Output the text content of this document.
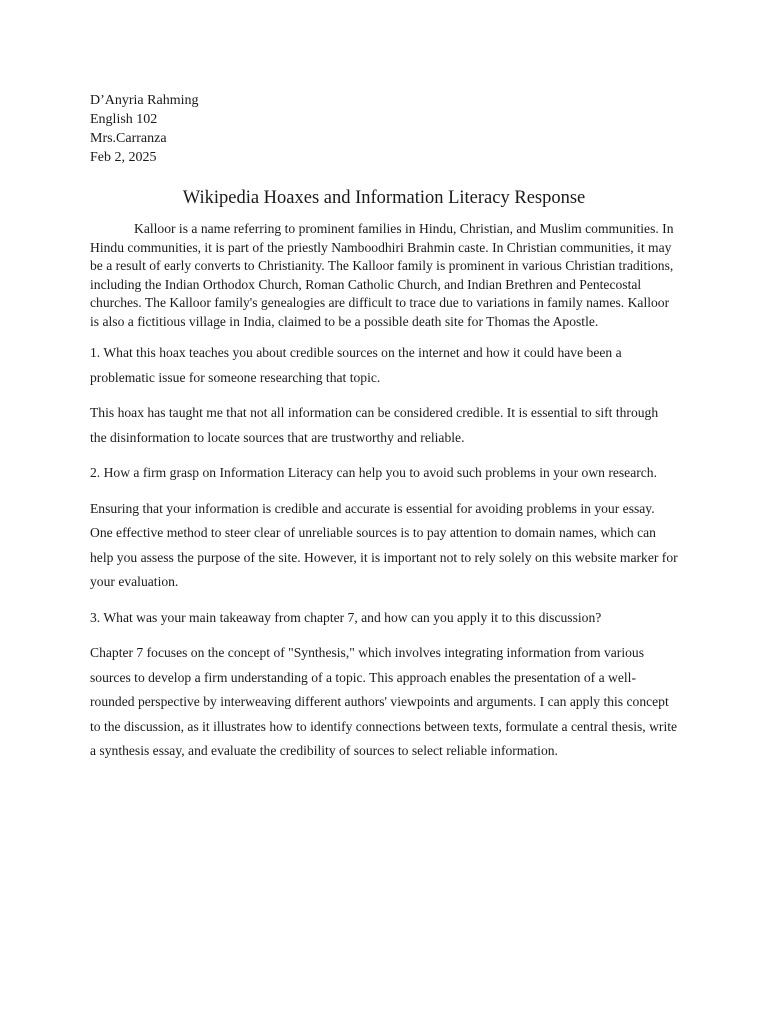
D’Anyria Rahming

English 102

Mrs.Carranza

Feb 2, 2025

Wikipedia Hoaxes and Information Literacy Response

Kalloor is a name referring to prominent families in Hindu, Christian, and Muslim communities. In Hindu communities, it is part of the priestly Namboodhiri Brahmin caste. In Christian communities, it may be a result of early converts to Christianity. The Kalloor family is prominent in various Christian traditions, including the Indian Orthodox Church, Roman Catholic Church, and Indian Brethren and Pentecostal churches. The Kalloor family's genealogies are difficult to trace due to variations in family names. Kalloor is also a fictitious village in India, claimed to be a possible death site for Thomas the Apostle.

1. What this hoax teaches you about credible sources on the internet and how it could have been a problematic issue for someone researching that topic.

This hoax has taught me that not all information can be considered credible. It is essential to sift through the disinformation to locate sources that are trustworthy and reliable.

2. How a firm grasp on Information Literacy can help you to avoid such problems in your own research.

Ensuring that your information is credible and accurate is essential for avoiding problems in your essay. One effective method to steer clear of unreliable sources is to pay attention to domain names, which can help you assess the purpose of the site. However, it is important not to rely solely on this website marker for your evaluation.

3. What was your main takeaway from chapter 7, and how can you apply it to this discussion?

Chapter 7 focuses on the concept of "Synthesis," which involves integrating information from various sources to develop a firm understanding of a topic. This approach enables the presentation of a well-rounded perspective by interweaving different authors' viewpoints and arguments. I can apply this concept to the discussion, as it illustrates how to identify connections between texts, formulate a central thesis, write a synthesis essay, and evaluate the credibility of sources to select reliable information.
